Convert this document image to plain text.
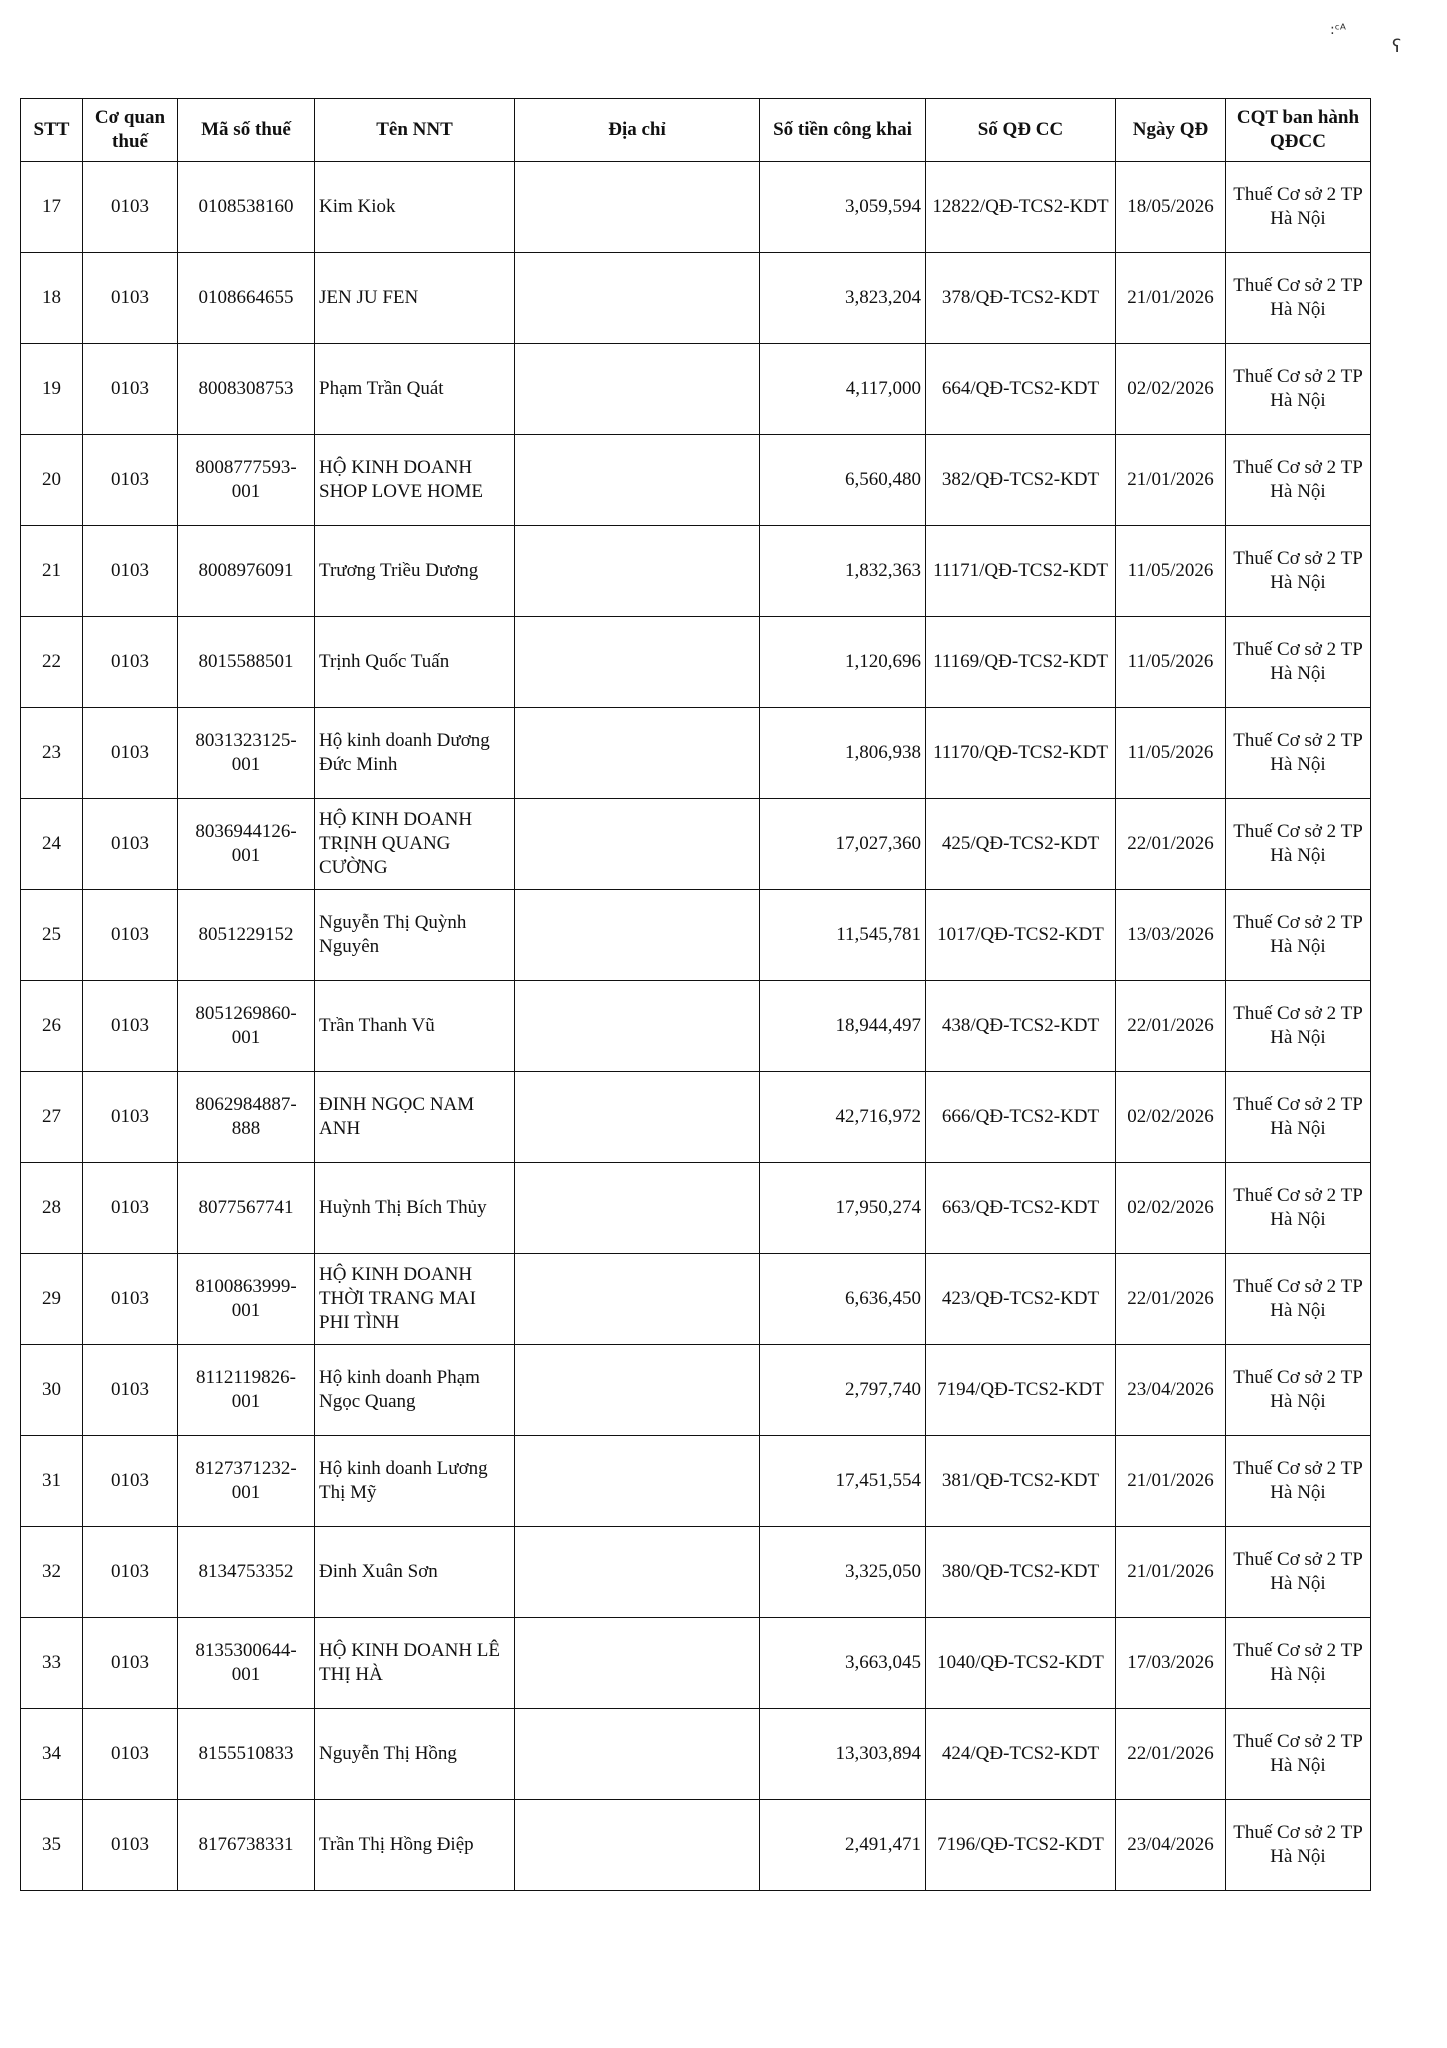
:ᶜᴬ
ʕ
STT	Cơ quan thuế	Mã số thuế	Tên NNT	Địa chỉ	Số tiền công khai	Số QĐ CC	Ngày QĐ	CQT ban hành QĐCC
17	0103	0108538160	Kim Kiok		3,059,594	12822/QĐ-TCS2-KDT	18/05/2026	Thuế Cơ sở 2 TP Hà Nội
18	0103	0108664655	JEN JU FEN		3,823,204	378/QĐ-TCS2-KDT	21/01/2026	Thuế Cơ sở 2 TP Hà Nội
19	0103	8008308753	Phạm Trần Quát		4,117,000	664/QĐ-TCS2-KDT	02/02/2026	Thuế Cơ sở 2 TP Hà Nội
20	0103	8008777593-001	HỘ KINH DOANH SHOP LOVE HOME		6,560,480	382/QĐ-TCS2-KDT	21/01/2026	Thuế Cơ sở 2 TP Hà Nội
21	0103	8008976091	Trương Triều Dương		1,832,363	11171/QĐ-TCS2-KDT	11/05/2026	Thuế Cơ sở 2 TP Hà Nội
22	0103	8015588501	Trịnh Quốc Tuấn		1,120,696	11169/QĐ-TCS2-KDT	11/05/2026	Thuế Cơ sở 2 TP Hà Nội
23	0103	8031323125-001	Hộ kinh doanh Dương Đức Minh		1,806,938	11170/QĐ-TCS2-KDT	11/05/2026	Thuế Cơ sở 2 TP Hà Nội
24	0103	8036944126-001	HỘ KINH DOANH TRỊNH QUANG CƯỜNG		17,027,360	425/QĐ-TCS2-KDT	22/01/2026	Thuế Cơ sở 2 TP Hà Nội
25	0103	8051229152	Nguyễn Thị Quỳnh Nguyên		11,545,781	1017/QĐ-TCS2-KDT	13/03/2026	Thuế Cơ sở 2 TP Hà Nội
26	0103	8051269860-001	Trần Thanh Vũ		18,944,497	438/QĐ-TCS2-KDT	22/01/2026	Thuế Cơ sở 2 TP Hà Nội
27	0103	8062984887-888	ĐINH NGỌC NAM ANH		42,716,972	666/QĐ-TCS2-KDT	02/02/2026	Thuế Cơ sở 2 TP Hà Nội
28	0103	8077567741	Huỳnh Thị Bích Thủy		17,950,274	663/QĐ-TCS2-KDT	02/02/2026	Thuế Cơ sở 2 TP Hà Nội
29	0103	8100863999-001	HỘ KINH DOANH THỜI TRANG MAI PHI TÌNH		6,636,450	423/QĐ-TCS2-KDT	22/01/2026	Thuế Cơ sở 2 TP Hà Nội
30	0103	8112119826-001	Hộ kinh doanh Phạm Ngọc Quang		2,797,740	7194/QĐ-TCS2-KDT	23/04/2026	Thuế Cơ sở 2 TP Hà Nội
31	0103	8127371232-001	Hộ kinh doanh Lương Thị Mỹ		17,451,554	381/QĐ-TCS2-KDT	21/01/2026	Thuế Cơ sở 2 TP Hà Nội
32	0103	8134753352	Đinh Xuân Sơn		3,325,050	380/QĐ-TCS2-KDT	21/01/2026	Thuế Cơ sở 2 TP Hà Nội
33	0103	8135300644-001	HỘ KINH DOANH LÊ THỊ HÀ		3,663,045	1040/QĐ-TCS2-KDT	17/03/2026	Thuế Cơ sở 2 TP Hà Nội
34	0103	8155510833	Nguyễn Thị Hồng		13,303,894	424/QĐ-TCS2-KDT	22/01/2026	Thuế Cơ sở 2 TP Hà Nội
35	0103	8176738331	Trần Thị Hồng Điệp		2,491,471	7196/QĐ-TCS2-KDT	23/04/2026	Thuế Cơ sở 2 TP Hà Nội
